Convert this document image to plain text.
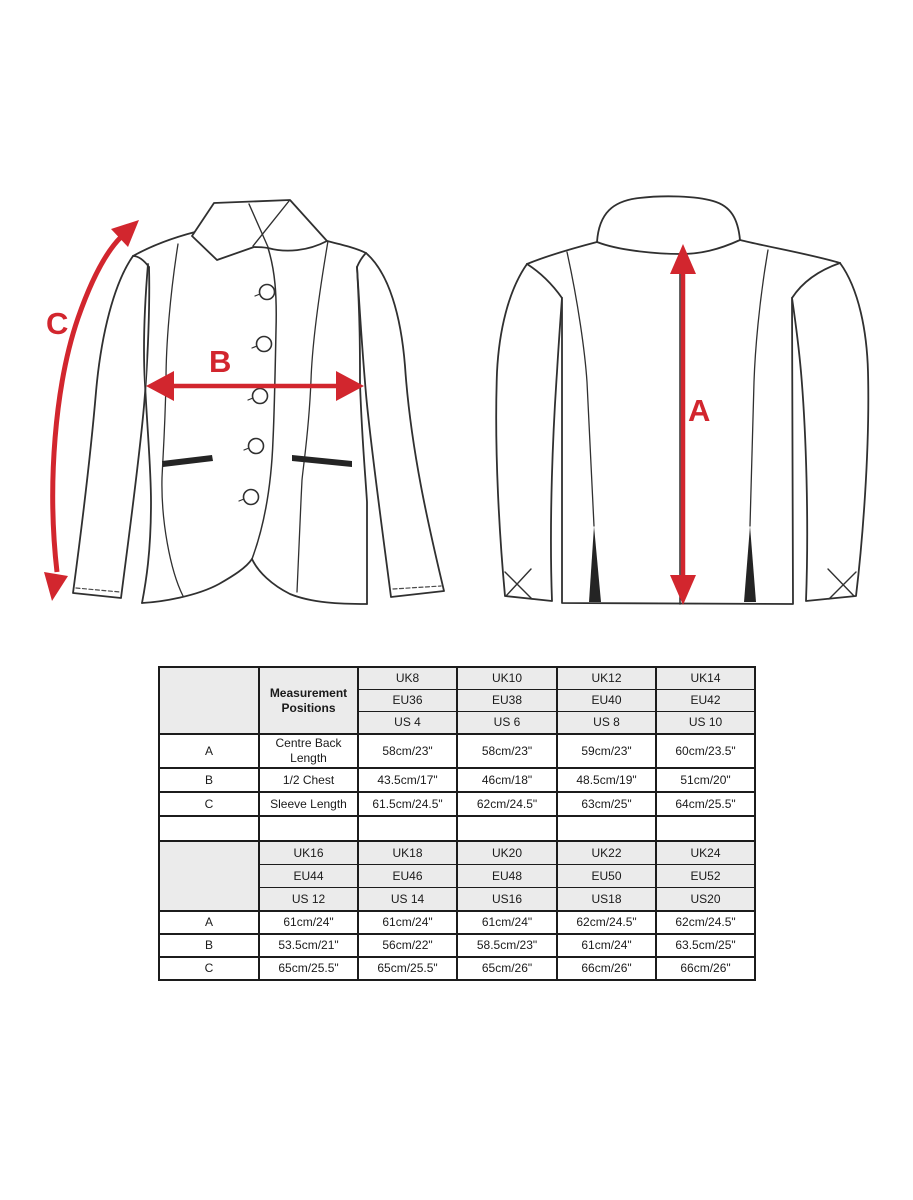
C
B
A
	Measurement Positions	UK8	UK10	UK12	UK14
		EU36	EU38	EU40	EU42
		US 4	US 6	US 8	US 10
A	Centre Back Length	58cm/23"	58cm/23"	59cm/23"	60cm/23.5"
B	1/2 Chest	43.5cm/17"	46cm/18"	48.5cm/19"	51cm/20"
C	Sleeve Length	61.5cm/24.5"	62cm/24.5"	63cm/25"	64cm/25.5"

	UK16	UK18	UK20	UK22	UK24
	EU44	EU46	EU48	EU50	EU52
	US 12	US 14	US16	US18	US20
A	61cm/24"	61cm/24"	61cm/24"	62cm/24.5"	62cm/24.5"
B	53.5cm/21"	56cm/22"	58.5cm/23"	61cm/24"	63.5cm/25"
C	65cm/25.5"	65cm/25.5"	65cm/26"	66cm/26"	66cm/26"
